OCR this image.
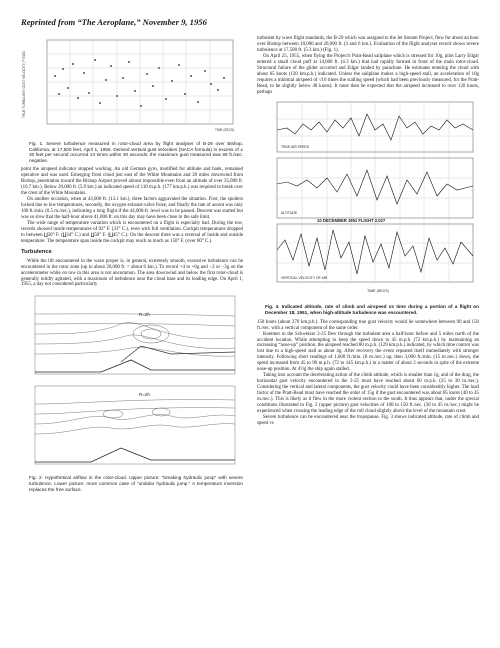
Reprinted from “The Aeroplane,” November 9, 1956
TRUE TURBULENT GUST VELOCITY, FT/SEC
TIME (SECS)
Fig. 1. Severe turbulence measured in rotor-cloud area by flight analyser of B-29 over Bishop, California, at 17,500 feet, April 1, 1955. Derived vertical gust velocities (NACA formula) in excess of ± 30 feet per second occurred 13 times within 30 seconds; the maximum gust measured was 69 ft./sec. negative.

point the airspeed indicator stopped working. An old German gyro, modified for altitude and bank, remained operative and was used. Emerging from cloud just east of the White Mountains and 20 miles downwind from Bishop, penetration toward the Bishop Airport proved almost impossible even from an altitude of over 35,000 ft. (10.7 km.). Below 20,000 ft. (5.9 km.) an indicated speed of 110 m.p.h. (177 km.p.h.) was required to break over the crest of the White Mountains.

On another occasion, when at 43,000 ft. (13.1 km.), three factors aggravated the situation. First, the spoilers locked due to low temperatures, secondly, the oxygen exhaust-valve froze, and finally the rate of ascent was only 100 ft./min. (0.5 m./sec.), indicating a long flight if the 44,000-ft. level was to be passed. Descent was started but was so slow that the half-hour above 41,000 ft. on this day may have been close to the safe limit.

The wide range of temperature variation which is encountered on a flight is especially bad. During the tow, records showed inside temperatures of 92° F. (33° C.), even with full ventilation. Cockpit temperatures dropped to between ∐30° F. (∐34° C.) and ∐50° F. (∐45° C.). On the descent there was a reversal of inside and outside temperature. The temperature span inside the cockpit may reach as much as 150° F. (over 80° C.).

Turbulence

While the lift encountered in the wave proper is, in general, extremely smooth, excessive turbulence can be encountered in the rotor zone (up to about 20,000 ft. = about 6 km.). To record +4 to +6g and −2 or −3g on the accelerometer while on tow in this area is not uncommon. The area downwind and below the first rotor-cloud is generally mildly agitated, with a maximum of turbulence near the cloud base and its leading edge. On April 1, 1955, a day not considered particularly

R=2h
R=2h
Fig. 2. Hypothetical airflow in the rotor-cloud. Upper picture: “breaking hydraulic jump” with severe turbulence. Lower picture: more common case of “undular hydraulic jump.” A temperature inversion replaces the free surface.

turbulent by wave flight standards, the B-29 which was assigned to the Jet Stream Project, flew for about an hour over Bishop between 10,000 and 20,000 ft. (3 and 6 km.). Evaluation of the flight analyser record shows severe turbulence at 17,500 ft. (5.3 km.) (Fig. 1).

On April 25, 1955, when flying the Project's Pratt-Read sailplane which is stressed for 10g, pilot Larry Edgar entered a small cloud puff at 14,000 ft. (4.3 km.) that had rapidly formed in front of the main rotor-cloud. Structural failure of the glider occurred and Edgar landed by parachute. He estimates entering the cloud with about 65 knots (120 km.p.h.) indicated. Unless the sailplane makes a high-speed stall, an acceleration of 10g requires a minimal airspeed of √10 times the stalling speed (which had been previously measured, for the Pratt-Read, to be slightly below 40 knots). It must then be expected that the airspeed increased to over 120 knots, perhaps

TRUE AIR SPEED
ALTITUDE
10 DECEMBER 1951 FLIGHT 2,027
VERTICAL VELOCITY OF AIR
TIME (SECS)
Fig. 3. Indicated altitude, rate of climb and airspeed vs time during a portion of a flight on December 18, 1951, when high-altitude turbulence was encountered.

150 knots (about 270 km.p.h.). The corresponding true gust velocity would lie somewhere between 90 and 150 ft./sec. with a vertical component of the same order.

Koettner in the Schweizer 2-25 flew through the turbulent area a half-hour before and 5 miles north of the accident location. While attempting to keep the speed down to 45 m.p.h. (72 km.p.h.) by maintaining an increasing “nose-up” position, the airspeed reached 80 m.p.h. (129 km.p.h.) indicated, by which time control was lost due to a high-speed stall at about 4g. After recovery the event repeated itself immediately with stronger intensity. Following short readings of 1,600 ft./min. (8 m./sec.) up, then 3,000 ft./min. (15 m./sec.) down, the speed increased from 45 to 90 m.p.h. (72 to 145 km.p.h.) in a matter of about 2 seconds in spite of the extreme nose-up position. At 4½g the ship again stalled.

Taking into account the decelerating action of the climb attitude, which is smaller than 1g, and of the drag, the horizontal gust velocity encountered in the 2-25 must have reached about 60 m.p.h. (25 to 30 m./sec.). Considering the vertical and lateral components, the gust velocity could have been considerably higher. The load factor of the Pratt-Read must have reached the order of 15g if the gust encountered was about 85 knots (40 to 45 m./sec.). This is likely as it flew in the more violent section to the south. It thus appears that, under the special conditions illustrated in Fig. 2 (upper picture) gust velocities of 100 to 150 ft./sec. (30 to 45 m./sec.) might be experienced when crossing the leading edge of the roll cloud slightly above the level of the mountain crest.

Severe turbulence can be encountered near the tropopause. Fig. 3 shows indicated altitude, rate of climb and speed vs
